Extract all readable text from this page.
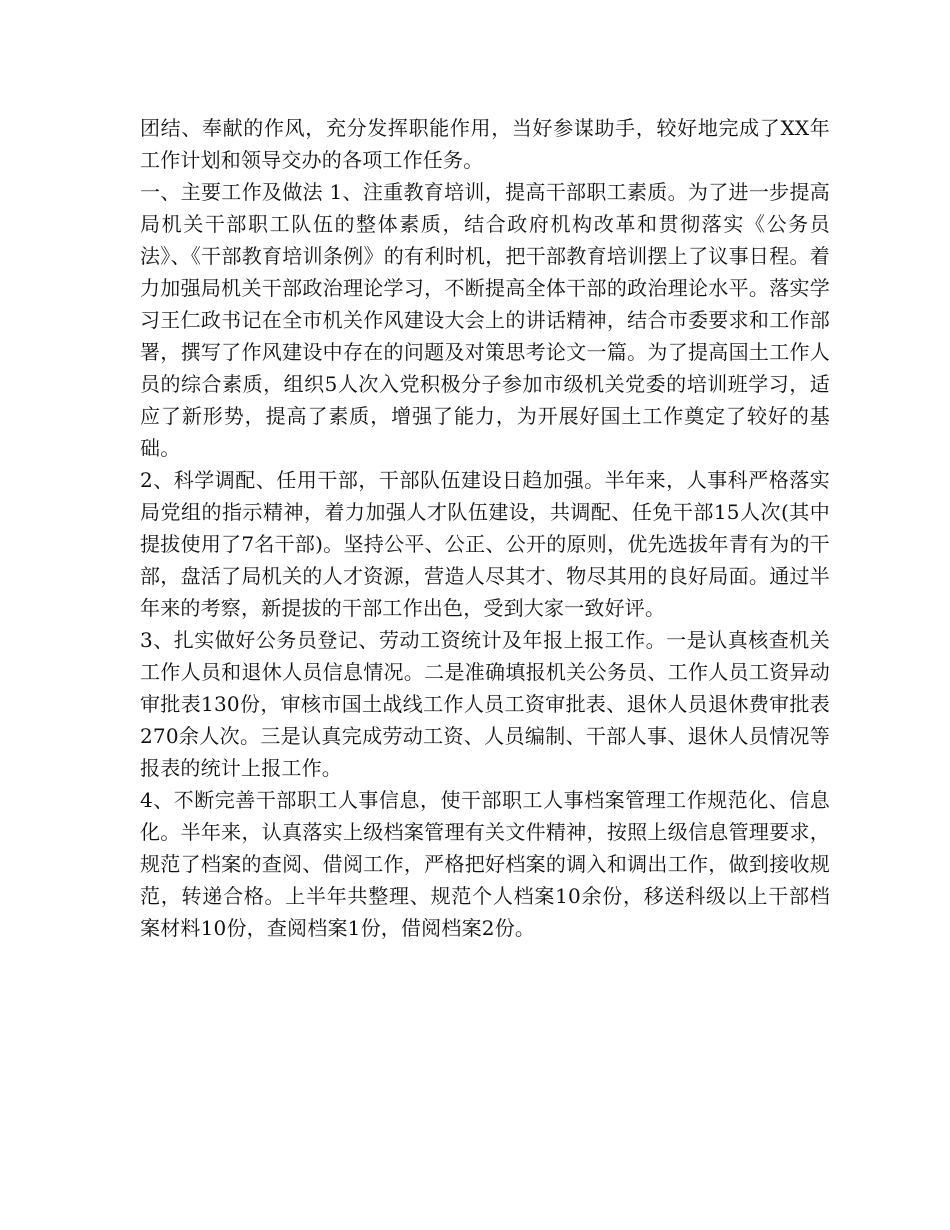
团结、奉献的作风，充分发挥职能作用，当好参谋助手，较好地完成了XX年工作计划和领导交办的各项工作任务。

一、主要工作及做法 1、注重教育培训，提高干部职工素质。为了进一步提高局机关干部职工队伍的整体素质，结合政府机构改革和贯彻落实《公务员法》、《干部教育培训条例》的有利时机，把干部教育培训摆上了议事日程。着力加强局机关干部政治理论学习，不断提高全体干部的政治理论水平。落实学习王仁政书记在全市机关作风建设大会上的讲话精神，结合市委要求和工作部署，撰写了作风建设中存在的问题及对策思考论文一篇。为了提高国土工作人员的综合素质，组织5人次入党积极分子参加市级机关党委的培训班学习，适应了新形势，提高了素质，增强了能力，为开展好国土工作奠定了较好的基础。

2、科学调配、任用干部，干部队伍建设日趋加强。半年来，人事科严格落实局党组的指示精神，着力加强人才队伍建设，共调配、任免干部15人次(其中提拔使用了7名干部)。坚持公平、公正、公开的原则，优先选拔年青有为的干部，盘活了局机关的人才资源，营造人尽其才、物尽其用的良好局面。通过半年来的考察，新提拔的干部工作出色，受到大家一致好评。

3、扎实做好公务员登记、劳动工资统计及年报上报工作。一是认真核查机关工作人员和退休人员信息情况。二是准确填报机关公务员、工作人员工资异动审批表130份，审核市国土战线工作人员工资审批表、退休人员退休费审批表270余人次。三是认真完成劳动工资、人员编制、干部人事、退休人员情况等报表的统计上报工作。

4、不断完善干部职工人事信息，使干部职工人事档案管理工作规范化、信息化。半年来，认真落实上级档案管理有关文件精神，按照上级信息管理要求，规范了档案的查阅、借阅工作，严格把好档案的调入和调出工作，做到接收规范，转递合格。上半年共整理、规范个人档案10余份，移送科级以上干部档案材料10份，查阅档案1份，借阅档案2份。
